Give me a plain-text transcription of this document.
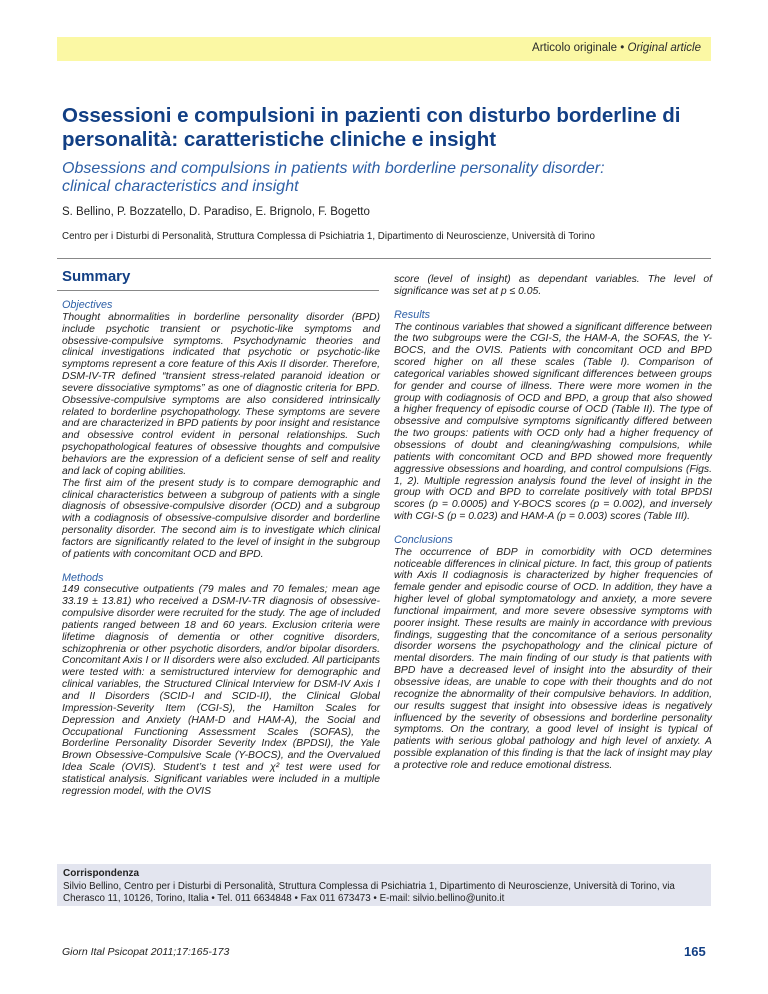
Articolo originale • Original article
Ossessioni e compulsioni in pazienti con disturbo borderline di personalità: caratteristiche cliniche e insight
Obsessions and compulsions in patients with borderline personality disorder:
clinical characteristics and insight
S. Bellino, P. Bozzatello, D. Paradiso, E. Brignolo, F. Bogetto
Centro per i Disturbi di Personalità, Struttura Complessa di Psichiatria 1, Dipartimento di Neuroscienze, Università di Torino
Summary

Objectives

Thought abnormalities in borderline personality disorder (BPD) include psychotic transient or psychotic-like symptoms and obsessive-compulsive symptoms. Psychodynamic theories and clinical investigations indicated that psychotic or psychotic-like symptoms represent a core feature of this Axis II disorder. Therefore, DSM-IV-TR defined “transient stress-related paranoid ideation or severe dissociative symptoms” as one of diagnostic criteria for BPD. Obsessive-compulsive symptoms are also considered intrinsically related to borderline psychopathology. These symptoms are severe and are characterized in BPD patients by poor insight and resistance and obsessive control evident in personal relationships. Such psychopathological features of obsessive thoughts and compulsive behaviors are the expression of a deficient sense of self and reality and lack of coping abilities.

The first aim of the present study is to compare demographic and clinical characteristics between a subgroup of patients with a single diagnosis of obsessive-compulsive disorder (OCD) and a subgroup with a codiagnosis of obsessive-compulsive disorder and borderline personality disorder. The second aim is to investigate which clinical factors are significantly related to the level of insight in the subgroup of patients with concomitant OCD and BPD.

Methods

149 consecutive outpatients (79 males and 70 females; mean age 33.19 ± 13.81) who received a DSM-IV-TR diagnosis of obsessive-compulsive disorder were recruited for the study. The age of included patients ranged between 18 and 60 years. Exclusion criteria were lifetime diagnosis of dementia or other cognitive disorders, schizophrenia or other psychotic disorders, and/or bipolar disorders. Concomitant Axis I or II disorders were also excluded. All participants were tested with: a semistructured interview for demographic and clinical variables, the Structured Clinical Interview for DSM-IV Axis I and II Disorders (SCID-I and SCID-II), the Clinical Global Impression-Severity Item (CGI-S), the Hamilton Scales for Depression and Anxiety (HAM-D and HAM-A), the Social and Occupational Functioning Assessment Scales (SOFAS), the Borderline Personality Disorder Severity Index (BPDSI), the Yale Brown Obsessive-Compulsive Scale (Y-BOCS), and the Overvalued Idea Scale (OVIS). Student’s t test and χ² test were used for statistical analysis. Significant variables were included in a multiple regression model, with the OVIS

score (level of insight) as dependant variables. The level of significance was set at p ≤ 0.05.

Results

The continous variables that showed a significant difference between the two subgroups were the CGI-S, the HAM-A, the SOFAS, the Y-BOCS, and the OVIS. Patients with concomitant OCD and BPD scored higher on all these scales (Table I). Comparison of categorical variables showed significant differences between groups for gender and course of illness. There were more women in the group with codiagnosis of OCD and BPD, a group that also showed a higher frequency of episodic course of OCD (Table II). The type of obsessive and compulsive symptoms significantly differed between the two groups: patients with OCD only had a higher frequency of obsessions of doubt and cleaning/washing compulsions, while patients with concomitant OCD and BPD showed more frequently aggressive obsessions and hoarding, and control compulsions (Figs. 1, 2). Multiple regression analysis found the level of insight in the group with OCD and BPD to correlate positively with total BPDSI scores (p = 0.0005) and Y-BOCS scores (p = 0.002), and inversely with CGI-S (p = 0.023) and HAM-A (p = 0.003) scores (Table III).

Conclusions

The occurrence of BDP in comorbidity with OCD determines noticeable differences in clinical picture. In fact, this group of patients with Axis II codiagnosis is characterized by higher frequencies of female gender and episodic course of OCD. In addition, they have a higher level of global symptomatology and anxiety, a more severe functional impairment, and more severe obsessive symptoms with poorer insight. These results are mainly in accordance with previous findings, suggesting that the concomitance of a serious personality disorder worsens the psychopathology and the clinical picture of mental disorders. The main finding of our study is that patients with BPD have a decreased level of insight into the absurdity of their obsessive ideas, are unable to cope with their thoughts and do not recognize the abnormality of their compulsive behaviors. In addition, our results suggest that insight into obsessive ideas is negatively influenced by the severity of obsessions and borderline personality symptoms. On the contrary, a good level of insight is typical of patients with serious global pathology and high level of anxiety. A possible explanation of this finding is that the lack of insight may play a protective role and reduce emotional distress.

Corrispondenza
Silvio Bellino, Centro per i Disturbi di Personalità, Struttura Complessa di Psichiatria 1, Dipartimento di Neuroscienze, Università di Torino, via Cherasco 11, 10126, Torino, Italia • Tel. 011 6634848 • Fax 011 673473 • E-mail: silvio.bellino@unito.it
Giorn Ital Psicopat 2011;17:165-173	165
